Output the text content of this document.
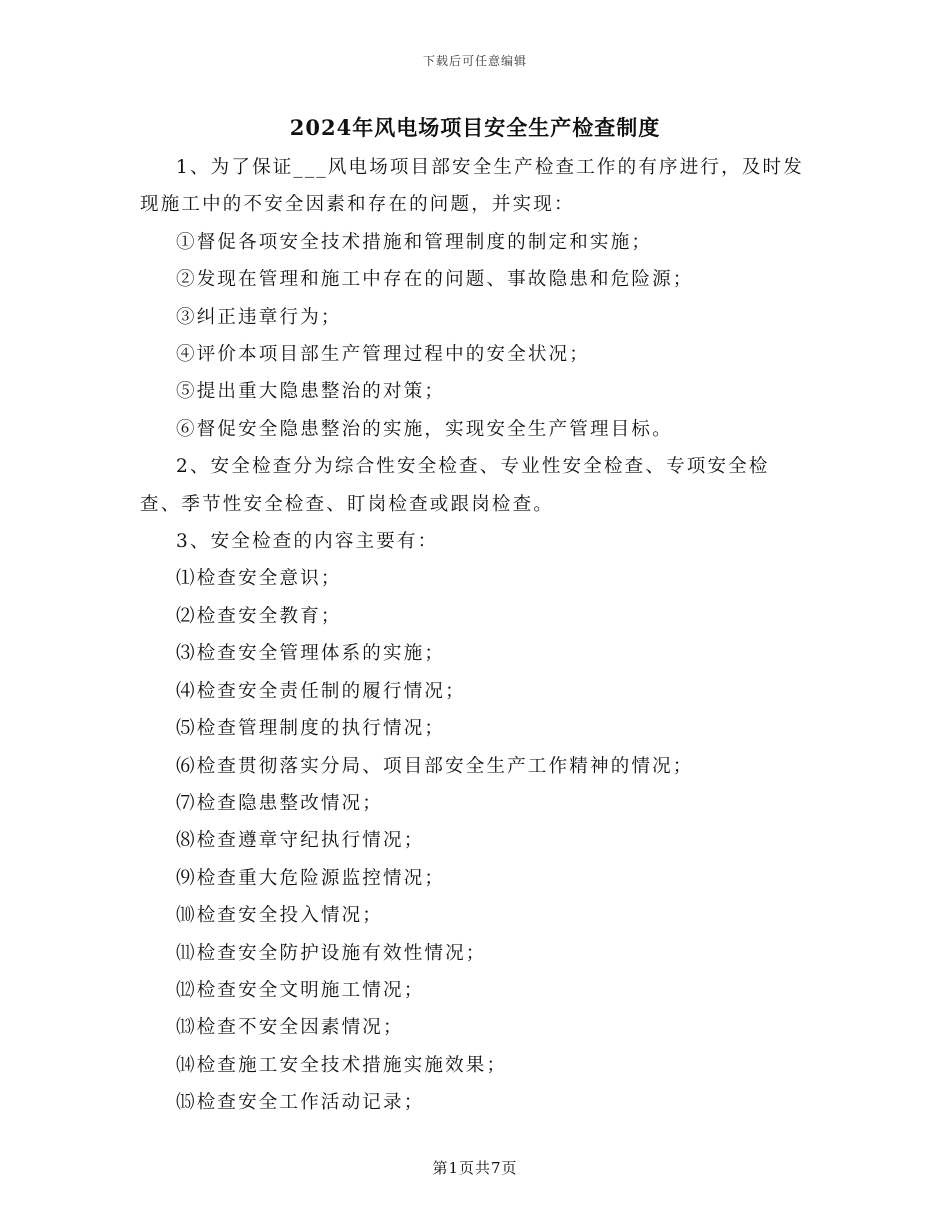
下载后可任意编辑
2024年风电场项目安全生产检查制度

1、为了保证___风电场项目部安全生产检查工作的有序进行，及时发现施工中的不安全因素和存在的问题，并实现：

①督促各项安全技术措施和管理制度的制定和实施；

②发现在管理和施工中存在的问题、事故隐患和危险源；

③纠正违章行为；

④评价本项目部生产管理过程中的安全状况；

⑤提出重大隐患整治的对策；

⑥督促安全隐患整治的实施，实现安全生产管理目标。

2、安全检查分为综合性安全检查、专业性安全检查、专项安全检查、季节性安全检查、盯岗检查或跟岗检查。

3、安全检查的内容主要有：

⑴检查安全意识；

⑵检查安全教育；

⑶检查安全管理体系的实施；

⑷检查安全责任制的履行情况；

⑸检查管理制度的执行情况；

⑹检查贯彻落实分局、项目部安全生产工作精神的情况；

⑺检查隐患整改情况；

⑻检查遵章守纪执行情况；

⑼检查重大危险源监控情况；

⑽检查安全投入情况；

⑾检查安全防护设施有效性情况；

⑿检查安全文明施工情况；

⒀检查不安全因素情况；

⒁检查施工安全技术措施实施效果；

⒂检查安全工作活动记录；

第1页共7页
